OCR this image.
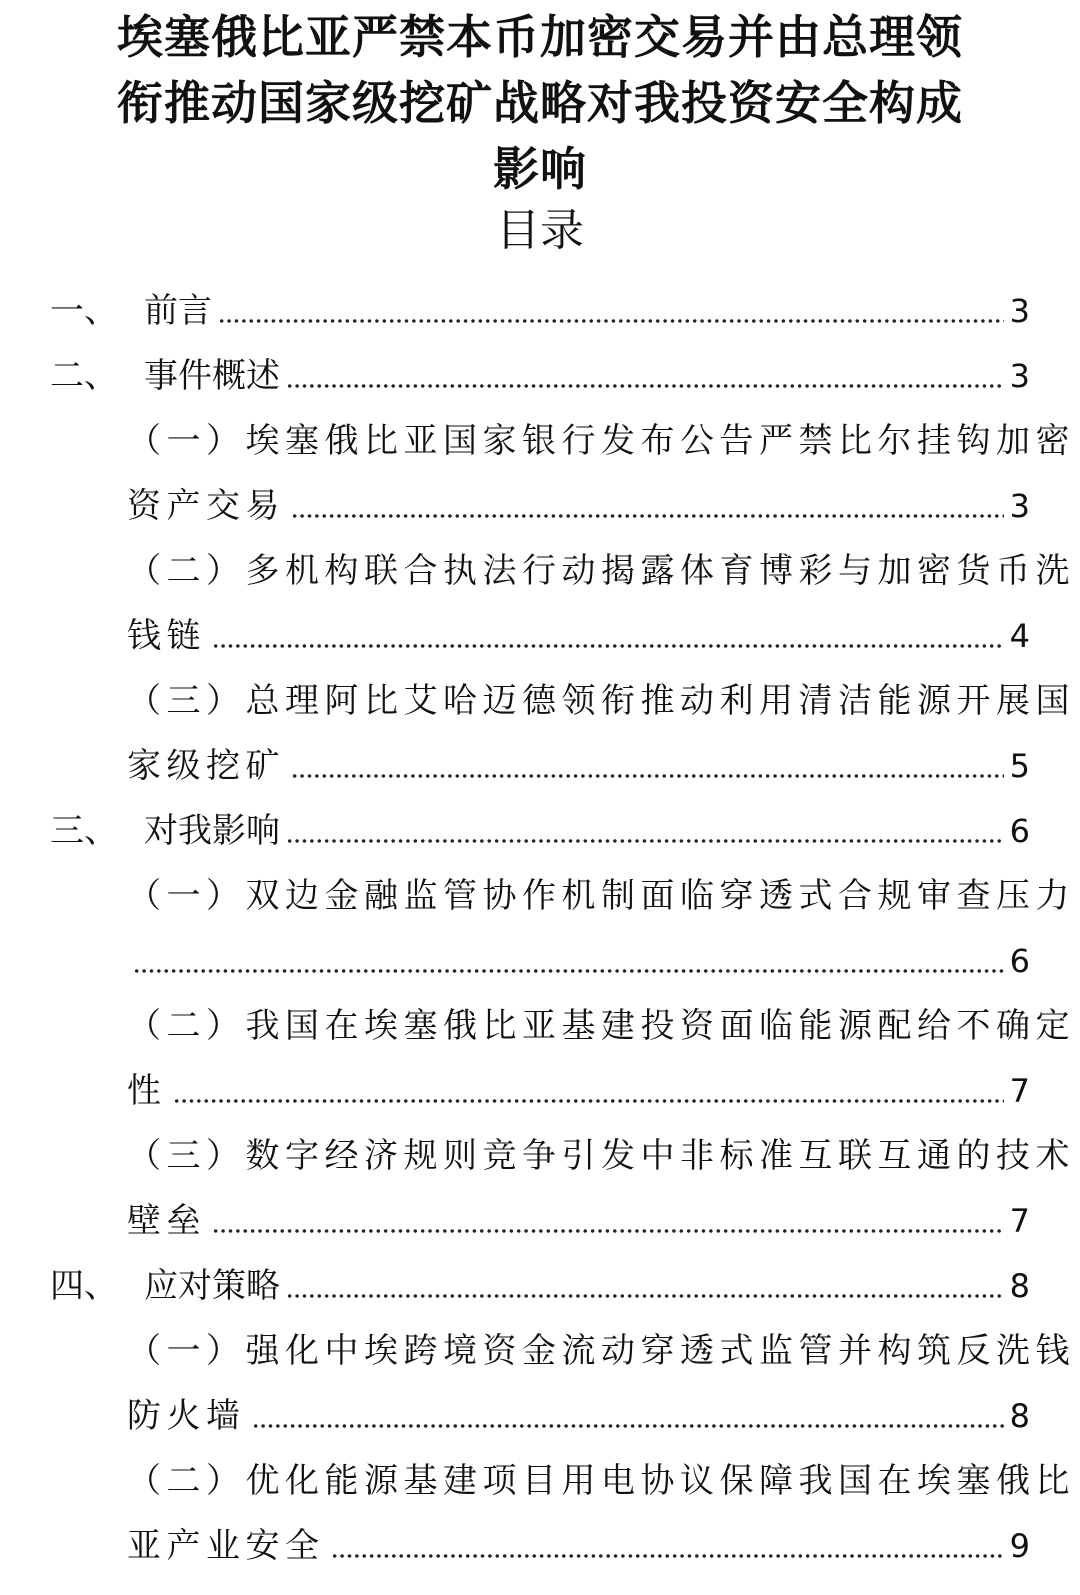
埃塞俄比亚严禁本币加密交易并由总理领
衔推动国家级挖矿战略对我投资安全构成
影响
目录
一、 前言	3
二、 事件概述	3
（一）埃塞俄比亚国家银行发布公告严禁比尔挂钩加密
资产交易	3
（二）多机构联合执法行动揭露体育博彩与加密货币洗
钱链	4
（三）总理阿比艾哈迈德领衔推动利用清洁能源开展国
家级挖矿	5
三、 对我影响	6
（一）双边金融监管协作机制面临穿透式合规审查压力
6
（二）我国在埃塞俄比亚基建投资面临能源配给不确定
性	7
（三）数字经济规则竞争引发中非标准互联互通的技术
壁垒	7
四、 应对策略	8
（一）强化中埃跨境资金流动穿透式监管并构筑反洗钱
防火墙	8
（二）优化能源基建项目用电协议保障我国在埃塞俄比
亚产业安全	9
